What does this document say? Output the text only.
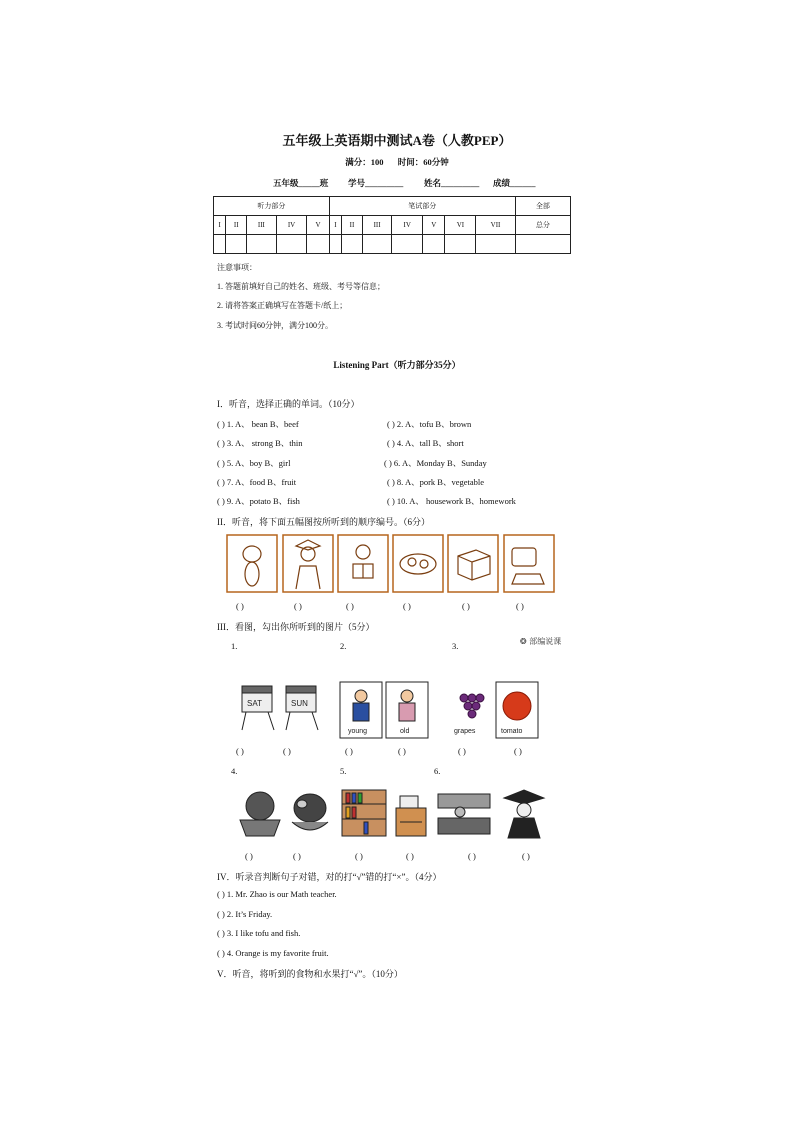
五年级上英语期中测试A卷（人教PEP）
满分：100 时间：60分钟
五年级_____班 学号_________ 姓名_________ 成绩______
听力部分					笔试部分							全部
I	II	III	IV	V	I	II	III	IV	V	VI	VII	总分

注意事项：
1. 答题前填好自己的姓名、班级、考号等信息；
2. 请将答案正确填写在答题卡/纸上；
3. 考试时间60分钟，满分100分。
Listening Part（听力部分35分）
I．听音，选择正确的单词。（10分）
( ) 1. A、 bean B、beef	( ) 2. A、tofu B、brown
( ) 3. A、 strong B、thin	( ) 4. A、tall B、short
( ) 5. A、boy B、girl	( ) 6. A、Monday B、Sunday
( ) 7. A、food B、fruit	( ) 8. A、pork B、vegetable
( ) 9. A、potato B、fish	( ) 10. A、 housework B、homework
II．听音，将下面五幅图按所听到的顺序编号。（6分）
( )	( )	( )	( )	( )	( )
III．看图，勾出你所听到的图片（5分）
❂ 部编说课
1.	2.	3.
SAT	SUN
young	old	grapes	tomato
( )	( )	( )	( )	( )	( )
4.	5.	6.
( )	( )	( )	( )	( )	( )
IV．听录音判断句子对错，对的打“√”错的打“×”。（4分）
( ) 1. Mr. Zhao is our Math teacher.
( ) 2. It’s Friday.
( ) 3. I like tofu and fish.
( ) 4. Orange is my favorite fruit.
V．听音，将听到的食物和水果打“√”。（10分）
